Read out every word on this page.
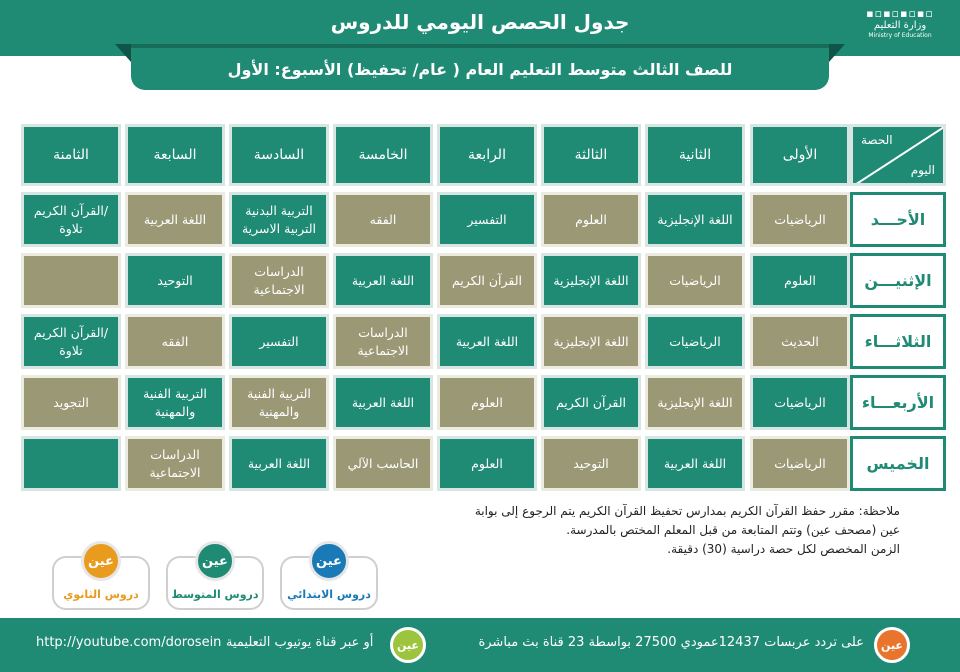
جدول الحصص اليومي للدروس	▪▫▪▫▪▫▪▫
وزارة التعليم
Ministry of Education
للصف الثالث متوسط التعليم العام ( عام/ تحفيظ) الأسبوع: الأول
الحصة
اليوم
الأولى
الثانية
الثالثة
الرابعة
الخامسة
السادسة
السابعة
الثامنة
الأحـــد
الرياضيات
اللغة الإنجليزية
العلوم
التفسير
الفقه
التربية البدنية
التربية الاسرية
اللغة العربية
القرآن الكريم/
تلاوة
الإثنيـــن
العلوم
الرياضيات
اللغة الإنجليزية
القرآن الكريم
اللغة العربية
الدراسات
الاجتماعية
التوحيد
الثلاثـــاء
الحديث
الرياضيات
اللغة الإنجليزية
اللغة العربية
الدراسات
الاجتماعية
التفسير
الفقه
القرآن الكريم/
تلاوة
الأربعـــاء
الرياضيات
اللغة الإنجليزية
القرآن الكريم
العلوم
اللغة العربية
التربية الفنية
والمهنية
التربية الفنية
والمهنية
التجويد
الخميس
الرياضيات
اللغة العربية
التوحيد
العلوم
الحاسب الآلي
اللغة العربية
الدراسات
الاجتماعية

ملاحظة: مقرر حفظ القرآن الكريم بمدارس تحفيظ القرآن الكريم يتم الرجوع إلى بوابة

عين (مصحف عين) وتتم المتابعة من قبل المعلم المختص بالمدرسة.

الزمن المخصص لكل حصة دراسية (30) دقيقة.

عين
دروس الابتدائي
عين
دروس المتوسط
عين
دروس الثانوي
عين
على تردد عربسات 12437عمودي 27500 بواسطة 23 قناة بث مباشرة
عين
أو عبر قناة يوتيوب التعليمية
http://youtube.com/dorosein
